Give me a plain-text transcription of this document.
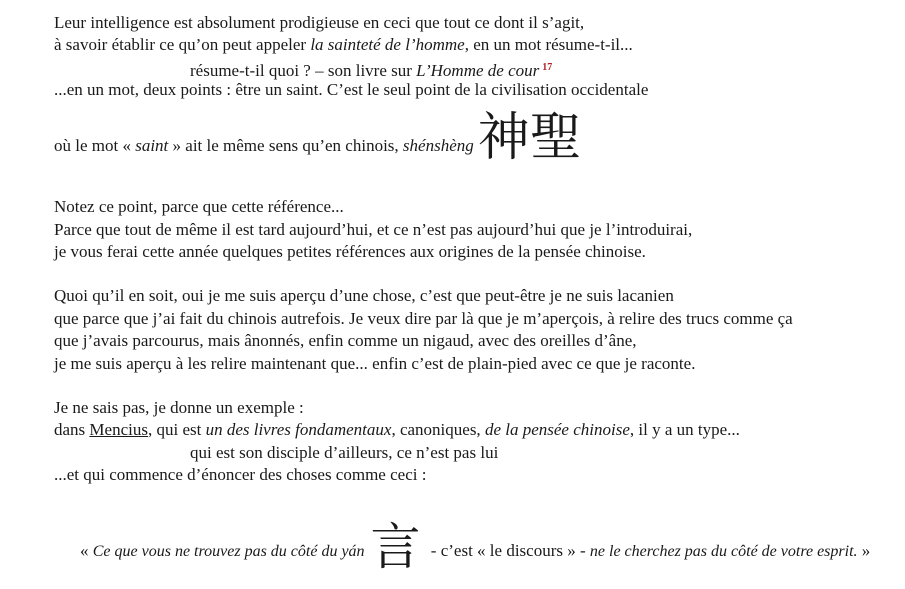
Leur intelligence est absolument prodigieuse en ceci que tout ce dont il s’agit,
à savoir établir ce qu’on peut appeler la sainteté de l’homme, en un mot résume-t-il...
résume-t-il quoi ? – son livre sur L’Homme de cour $^{17}$
...en un mot, deux points : être un saint. C’est le seul point de la civilisation occidentale
où le mot « saint » ait le même sens qu’en chinois, shénshèng神聖
Notez ce point, parce que cette référence...
Parce que tout de même il est tard aujourd’hui, et ce n’est pas aujourd’hui que je l’introduirai,
je vous ferai cette année quelques petites références aux origines de la pensée chinoise.
Quoi qu’il en soit, oui je me suis aperçu d’une chose, c’est que peut-être je ne suis lacanien
que parce que j’ai fait du chinois autrefois. Je veux dire par là que je m’aperçois, à relire des trucs comme ça
que j’avais parcourus, mais ânonnés, enfin comme un nigaud, avec des oreilles d’âne,
je me suis aperçu à les relire maintenant que... enfin c’est de plain-pied avec ce que je raconte.
Je ne sais pas, je donne un exemple :
dans Mencius, qui est un des livres fondamentaux, canoniques, de la pensée chinoise, il y a un type...
qui est son disciple d’ailleurs, ce n’est pas lui
...et qui commence d’énoncer des choses comme ceci :
« Ce que vous ne trouvez pas du côté du yán 言 - c’est « le discours » - ne le cherchez pas du côté de votre esprit. »
